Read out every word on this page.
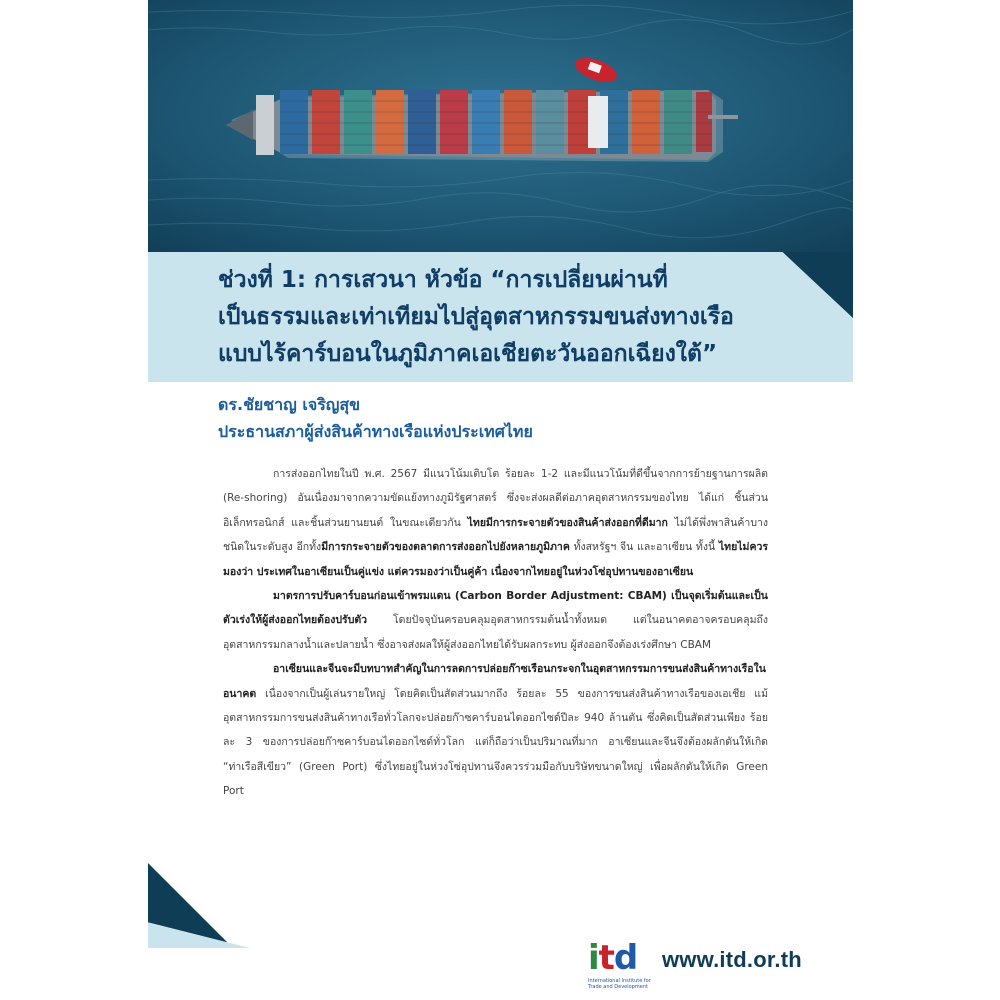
ช่วงที่ 1: การเสวนา หัวข้อ “การเปลี่ยนผ่านที่
เป็นธรรมและเท่าเทียมไปสู่อุตสาหกรรมขนส่งทางเรือ
แบบไร้คาร์บอนในภูมิภาคเอเชียตะวันออกเฉียงใต้”
ดร.ชัยชาญ เจริญสุข
ประธานสภาผู้ส่งสินค้าทางเรือแห่งประเทศไทย

การส่งออกไทยในปี พ.ศ. 2567 มีแนวโน้มเติบโต ร้อยละ 1-2 และมีแนวโน้มที่ดีขึ้นจากการย้ายฐานการผลิต (Re-shoring) อันเนื่องมาจากความขัดแย้งทางภูมิรัฐศาสตร์ ซึ่งจะส่งผลดีต่อภาคอุตสาหกรรมของไทย ได้แก่ ชิ้นส่วนอิเล็กทรอนิกส์ และชิ้นส่วนยานยนต์ ในขณะเดียวกัน ไทยมีการกระจายตัวของสินค้าส่งออกที่ดีมาก ไม่ได้พึ่งพาสินค้าบางชนิดในระดับสูง อีกทั้งมีการกระจายตัวของตลาดการส่งออกไปยังหลายภูมิภาค ทั้งสหรัฐฯ จีน และอาเซียน ทั้งนี้ ไทยไม่ควรมองว่า ประเทศในอาเซียนเป็นคู่แข่ง แต่ควรมองว่าเป็นคู่ค้า เนื่องจากไทยอยู่ในห่วงโซ่อุปทานของอาเซียน

มาตรการปรับคาร์บอนก่อนเข้าพรมแดน (Carbon Border Adjustment: CBAM) เป็นจุดเริ่มต้นและเป็นตัวเร่งให้ผู้ส่งออกไทยต้องปรับตัว โดยปัจจุบันครอบคลุมอุตสาหกรรมต้นน้ำทั้งหมด แต่ในอนาคตอาจครอบคลุมถึงอุตสาหกรรมกลางน้ำและปลายน้ำ ซึ่งอาจส่งผลให้ผู้ส่งออกไทยได้รับผลกระทบ ผู้ส่งออกจึงต้องเร่งศึกษา CBAM

อาเซียนและจีนจะมีบทบาทสำคัญในการลดการปล่อยก๊าซเรือนกระจกในอุตสาหกรรมการขนส่งสินค้าทางเรือในอนาคต เนื่องจากเป็นผู้เล่นรายใหญ่ โดยคิดเป็นสัดส่วนมากถึง ร้อยละ 55 ของการขนส่งสินค้าทางเรือของเอเชีย แม้อุตสาหกรรมการขนส่งสินค้าทางเรือทั่วโลกจะปล่อยก๊าซคาร์บอนไดออกไซด์ปีละ 940 ล้านตัน ซึ่งคิดเป็นสัดส่วนเพียง ร้อยละ 3 ของการปล่อยก๊าซคาร์บอนไดออกไซด์ทั่วโลก แต่ก็ถือว่าเป็นปริมาณที่มาก อาเซียนและจีนจึงต้องผลักดันให้เกิด “ท่าเรือสีเขียว” (Green Port) ซึ่งไทยอยู่ในห่วงโซ่อุปทานจึงควรร่วมมือกับบริษัทขนาดใหญ่ เพื่อผลักดันให้เกิด Green Port

itd
International Institute for Trade and Development
www.itd.or.th
